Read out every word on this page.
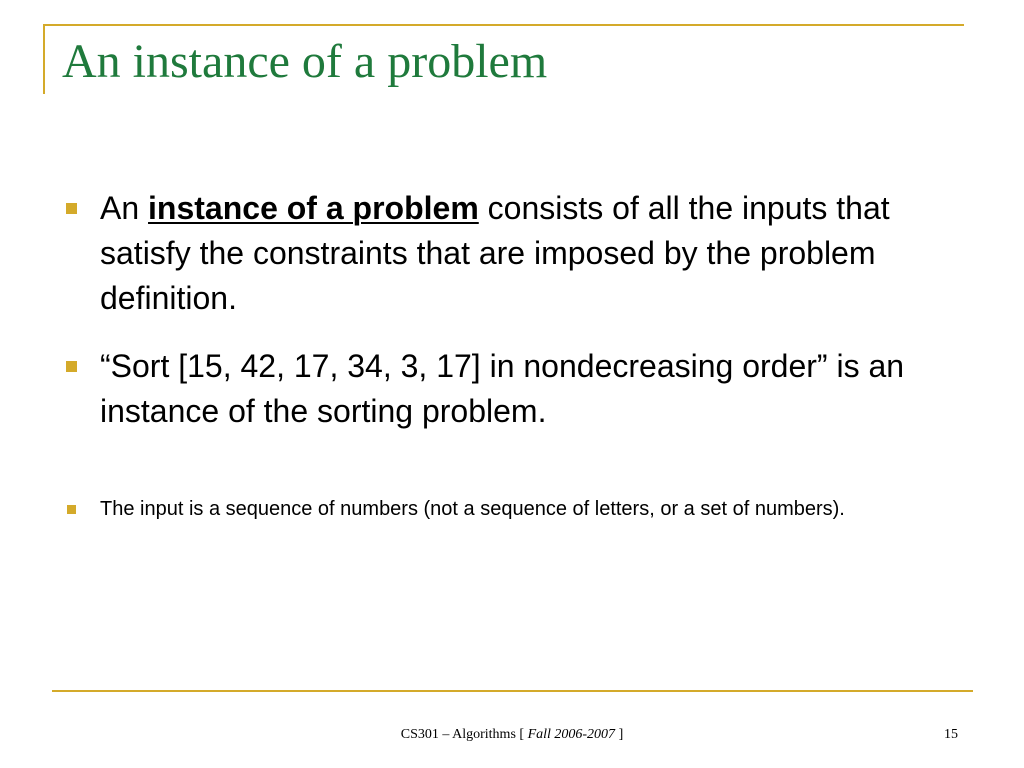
An instance of a problem
An instance of a problem consists of all the inputs that satisfy the constraints that are imposed by the problem definition.
“Sort [15, 42, 17, 34, 3, 17] in nondecreasing order” is an instance of the sorting problem.
The input is a sequence of numbers (not a sequence of letters, or a set of numbers).
CS301 – Algorithms [ Fall 2006-2007 ]	15
